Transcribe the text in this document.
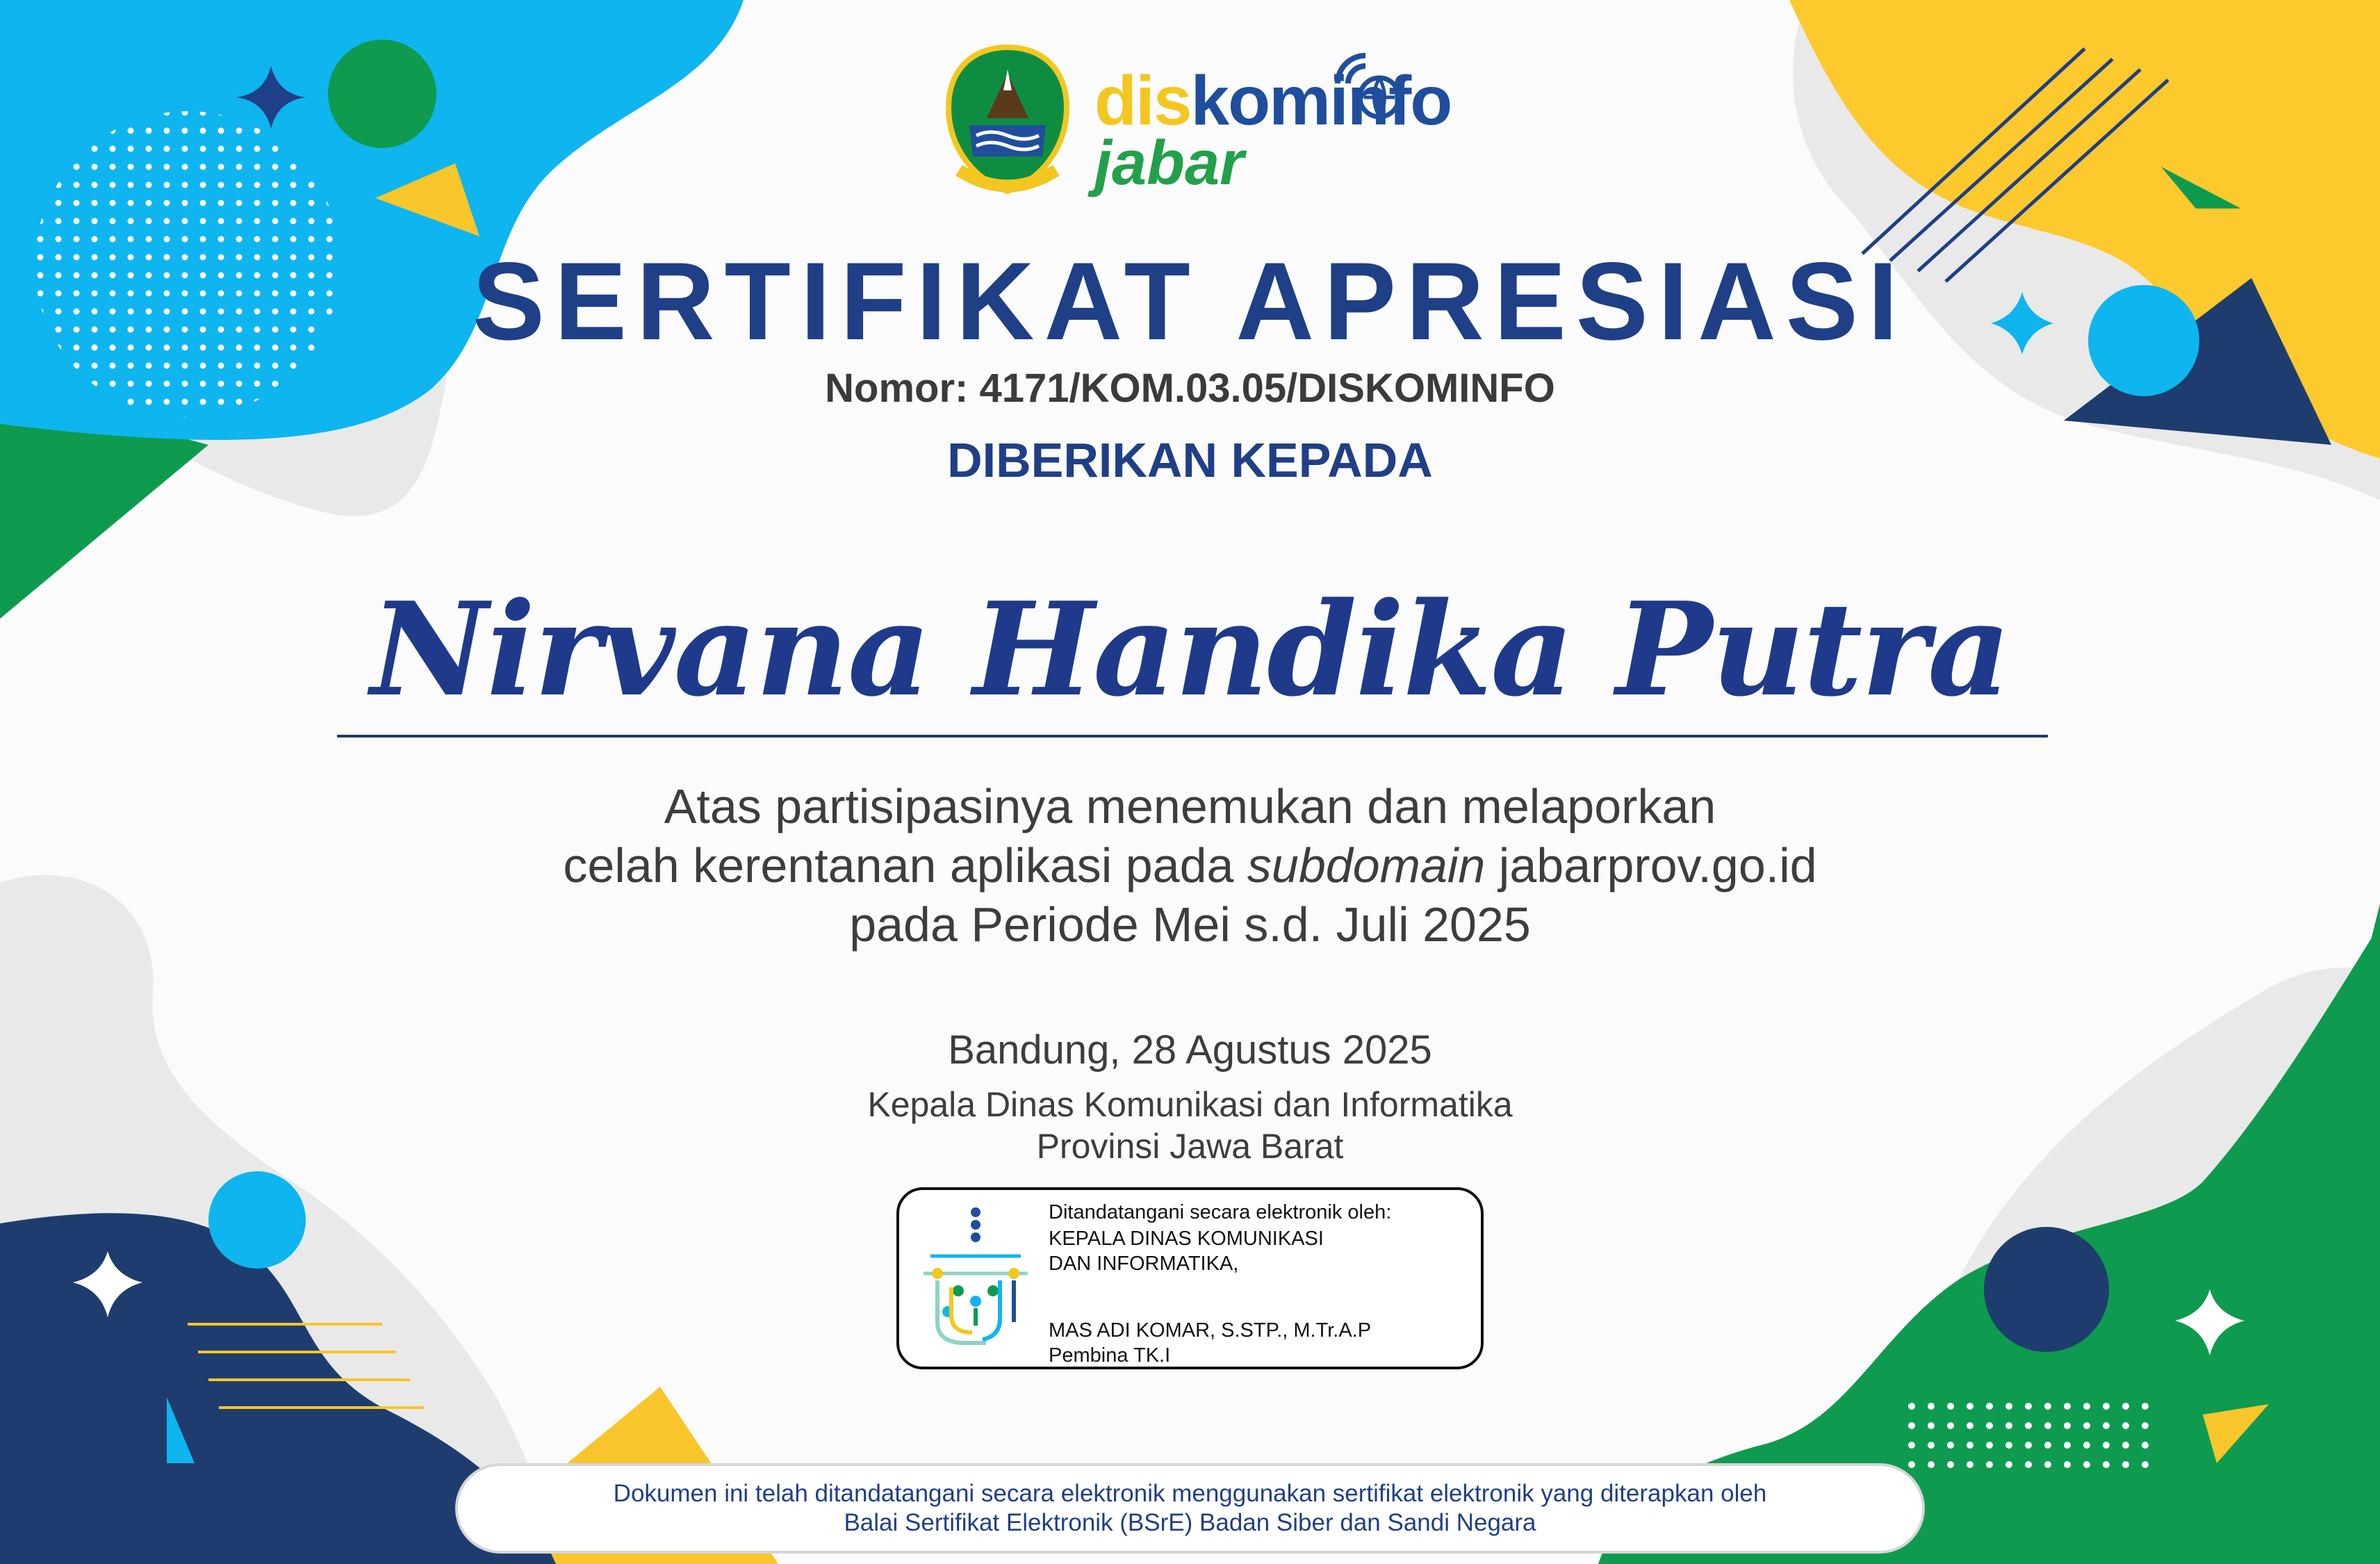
diskominfo
jabar
SERTIFIKAT APRESIASI
Nomor: 4171/KOM.03.05/DISKOMINFO
DIBERIKAN KEPADA
Nirvana Handika Putra
Atas partisipasinya menemukan dan melaporkan
celah kerentanan aplikasi pada subdomain jabarprov.go.id
pada Periode Mei s.d. Juli 2025
Bandung, 28 Agustus 2025
Kepala Dinas Komunikasi dan Informatika
Provinsi Jawa Barat
Ditandatangani secara elektronik oleh:
KEPALA DINAS KOMUNIKASI
DAN INFORMATIKA,
MAS ADI KOMAR, S.STP., M.Tr.A.P
Pembina TK.I
Dokumen ini telah ditandatangani secara elektronik menggunakan sertifikat elektronik yang diterapkan oleh
Balai Sertifikat Elektronik (BSrE) Badan Siber dan Sandi Negara
